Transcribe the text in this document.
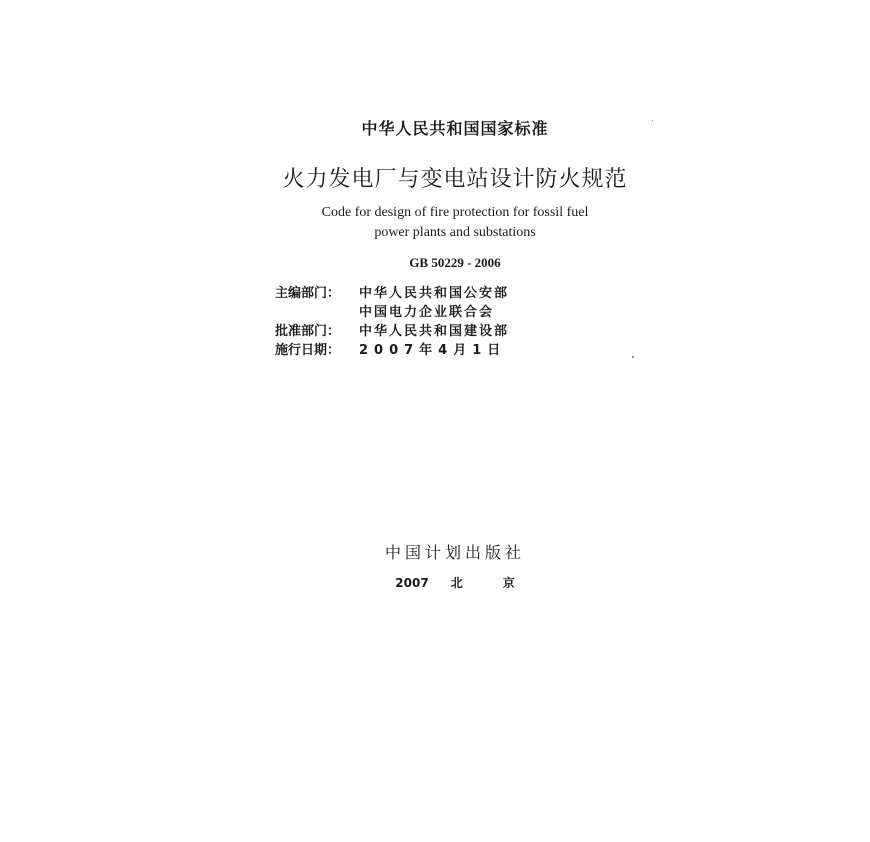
中华人民共和国国家标准
火力发电厂与变电站设计防火规范
Code for design of fire protection for fossil fuel
power plants and substations
GB 50229 - 2006
主编部门： 中华人民共和国公安部
中国电力企业联合会
批准部门： 中华人民共和国建设部
施行日期： 2007年4月1日
中国计划出版社
2007 北	京
